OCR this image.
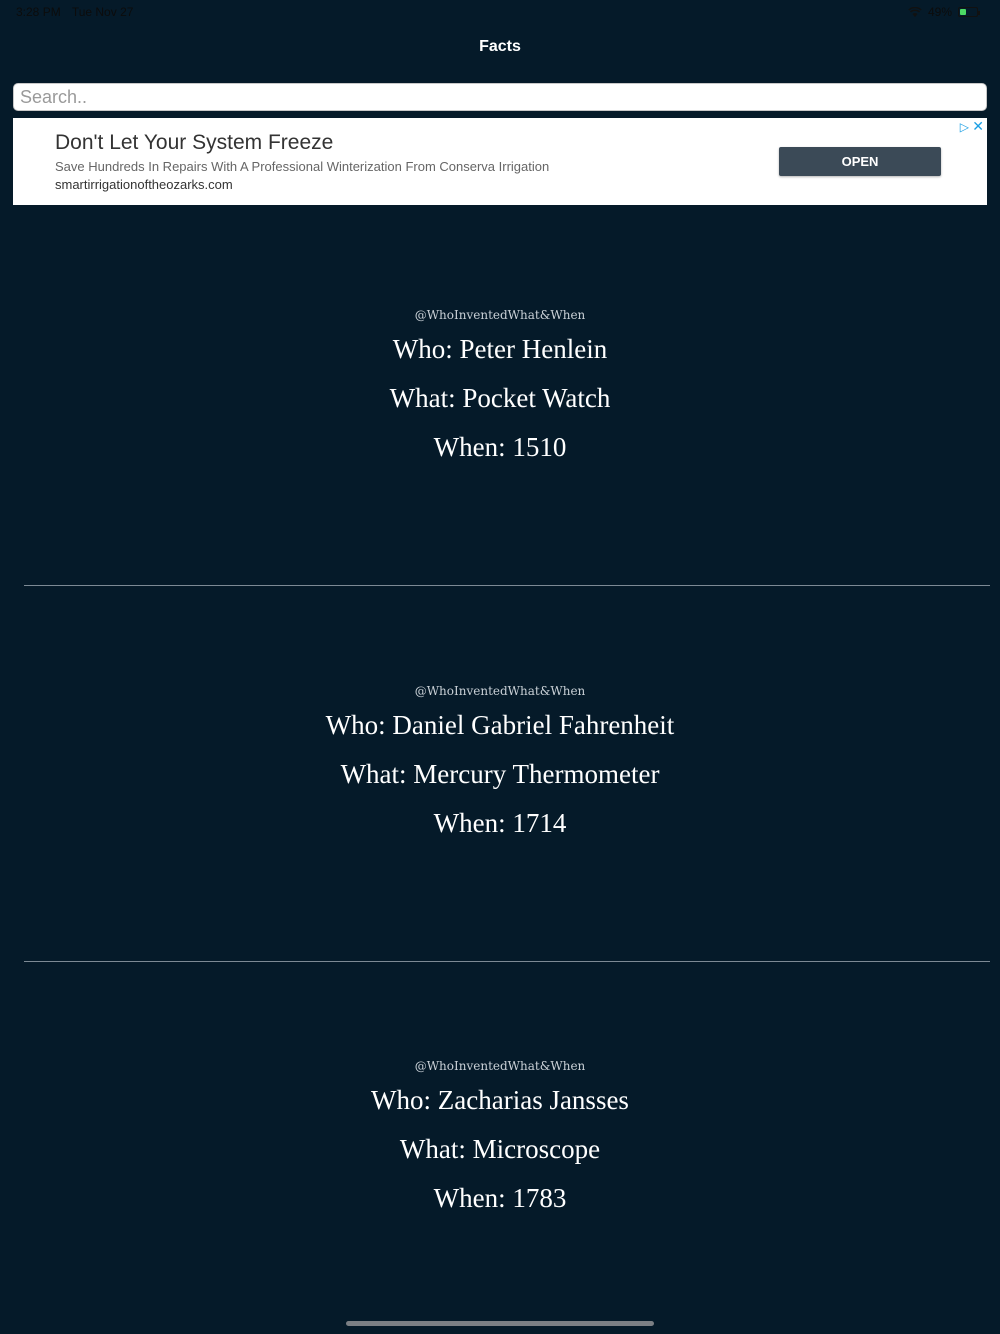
3:28 PM Tue Nov 27	49%
Facts
Search..
Don't Let Your System Freeze
Save Hundreds In Repairs With A Professional Winterization From Conserva Irrigation
smartirrigationoftheozarks.com
OPEN
▷ ✕
@WhoInventedWhat&When
Who: Peter Henlein
What: Pocket Watch
When: 1510
@WhoInventedWhat&When
Who: Daniel Gabriel Fahrenheit
What: Mercury Thermometer
When: 1714
@WhoInventedWhat&When
Who: Zacharias Jansses
What: Microscope
When: 1783
